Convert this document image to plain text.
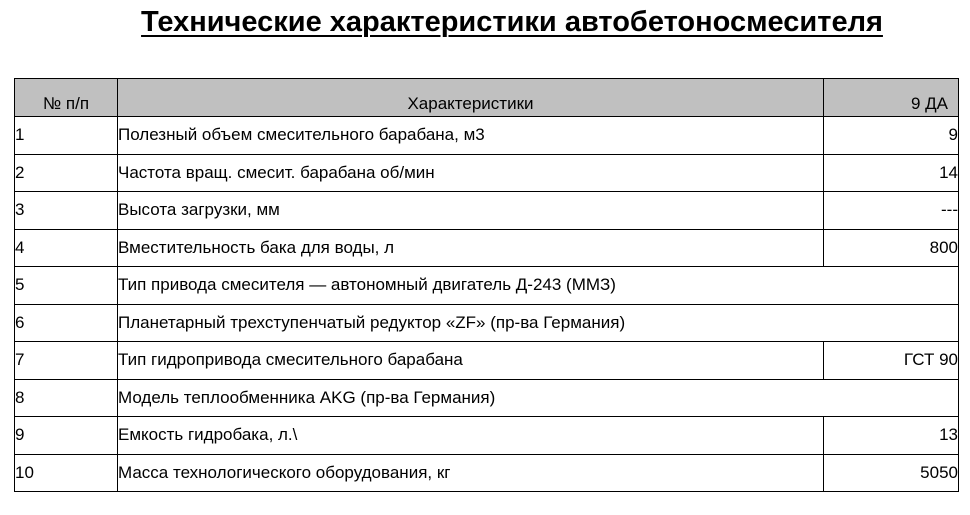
Технические характеристики автобетоносмесителя
№ п/п	Характеристики	9 ДА
1	Полезный объем смесительного барабана, м3	9
2	Частота вращ. смесит. барабана об/мин	14
3	Высота загрузки, мм	---
4	Вместительность бака для воды, л	800
5	Тип привода смесителя — автономный двигатель Д-243 (ММЗ)	
6	Планетарный трехступенчатый редуктор «ZF» (пр-ва Германия)	
7	Тип гидропривода смесительного барабана	ГСТ 90
8	Модель теплообменника AKG (пр-ва Германия)	
9	Емкость гидробака, л.\	13
10	Масса технологического оборудования, кг	5050
